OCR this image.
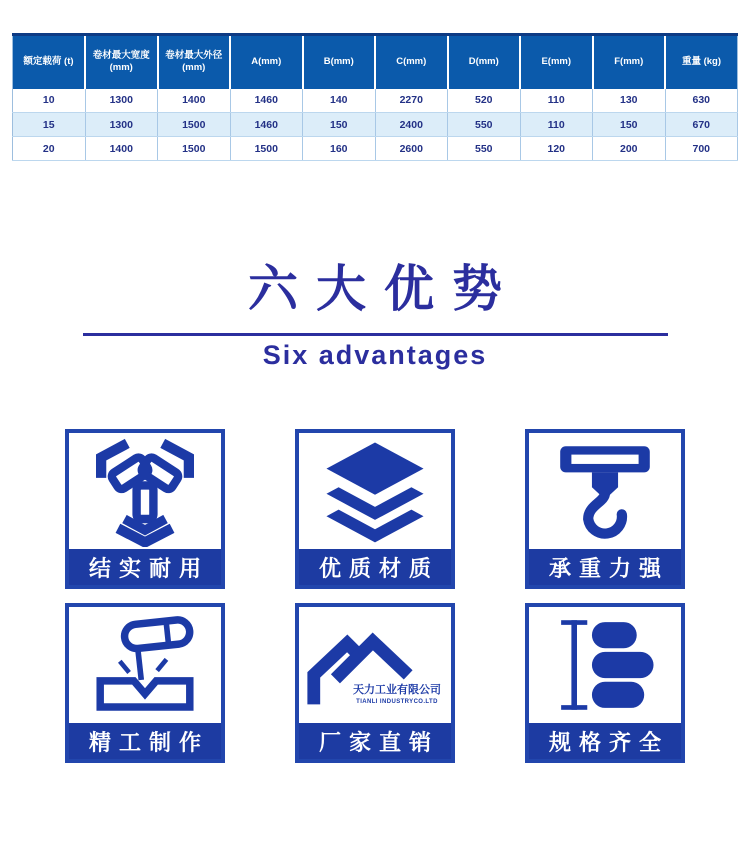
额定载荷 (t)	卷材最大宽度 (mm)	卷材最大外径 (mm)	A(mm)	B(mm)	C(mm)	D(mm)	E(mm)	F(mm)	重量 (kg)
10	1300	1400	1460	140	2270	520	110	130	630
15	1300	1500	1460	150	2400	550	110	150	670
20	1400	1500	1500	160	2600	550	120	200	700
六大优势
Six advantages
结实耐用	优质材质	承重力强
精工制作
天力工业有限公司
TIANLI INDUSTRYCO.LTD
厂家直销	规格齐全
